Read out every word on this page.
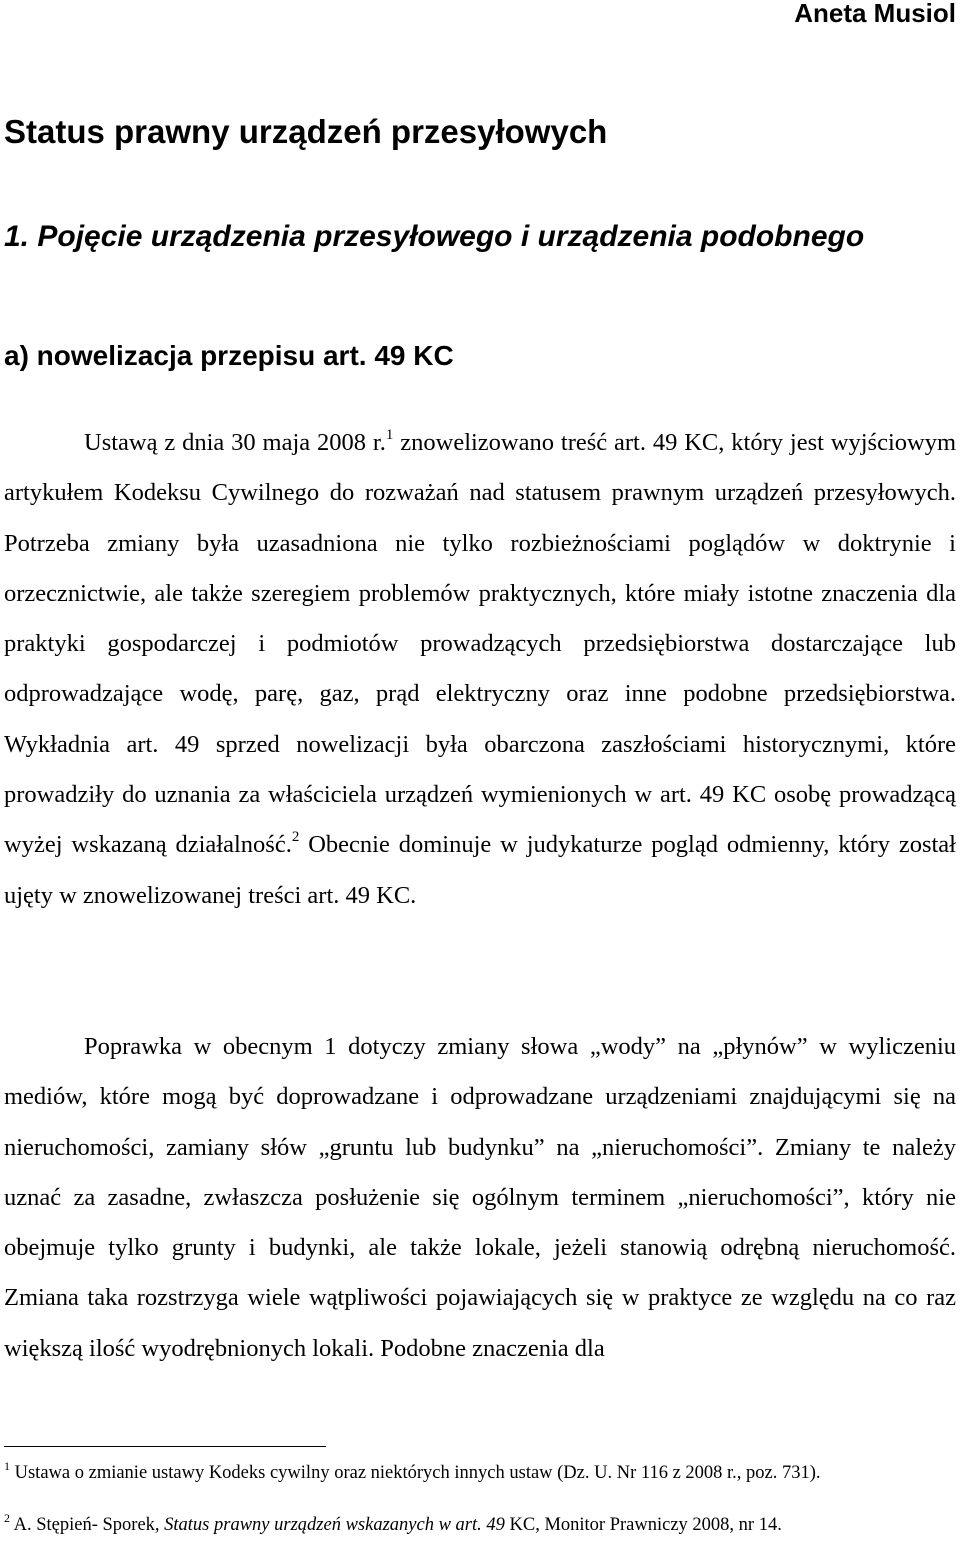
Aneta Musiol
Status prawny urządzeń przesyłowych
1. Pojęcie urządzenia przesyłowego i urządzenia podobnego
a) nowelizacja przepisu art. 49 KC

Ustawą z dnia 30 maja 2008 r.$^1$ znowelizowano treść art. 49 KC, który jest wyjściowym artykułem Kodeksu Cywilnego do rozważań nad statusem prawnym urządzeń przesyłowych. Potrzeba zmiany była uzasadniona nie tylko rozbieżnościami poglądów w doktrynie i orzecznictwie, ale także szeregiem problemów praktycznych, które miały istotne znaczenia dla praktyki gospodarczej i podmiotów prowadzących przedsiębiorstwa dostarczające lub odprowadzające wodę, parę, gaz, prąd elektryczny oraz inne podobne przedsiębiorstwa. Wykładnia art. 49 sprzed nowelizacji była obarczona zaszłościami historycznymi, które prowadziły do uznania za właściciela urządzeń wymienionych w art. 49 KC osobę prowadzącą wyżej wskazaną działalność.$^2$ Obecnie dominuje w judykaturze pogląd odmienny, który został ujęty w znowelizowanej treści art. 49 KC.

Poprawka w obecnym 1 dotyczy zmiany słowa „wody” na „płynów” w wyliczeniu mediów, które mogą być doprowadzane i odprowadzane urządzeniami znajdującymi się na nieruchomości, zamiany słów „gruntu lub budynku” na „nieruchomości”. Zmiany te należy uznać za zasadne, zwłaszcza posłużenie się ogólnym terminem „nieruchomości”, który nie obejmuje tylko grunty i budynki, ale także lokale, jeżeli stanowią odrębną nieruchomość. Zmiana taka rozstrzyga wiele wątpliwości pojawiających się w praktyce ze względu na co raz większą ilość wyodrębnionych lokali. Podobne znaczenia dla

$^1$ Ustawa o zmianie ustawy Kodeks cywilny oraz niektórych innych ustaw (Dz. U. Nr 116 z 2008 r., poz. 731).

$^2$ A. Stępień- Sporek, Status prawny urządzeń wskazanych w art. 49 KC, Monitor Prawniczy 2008, nr 14.
